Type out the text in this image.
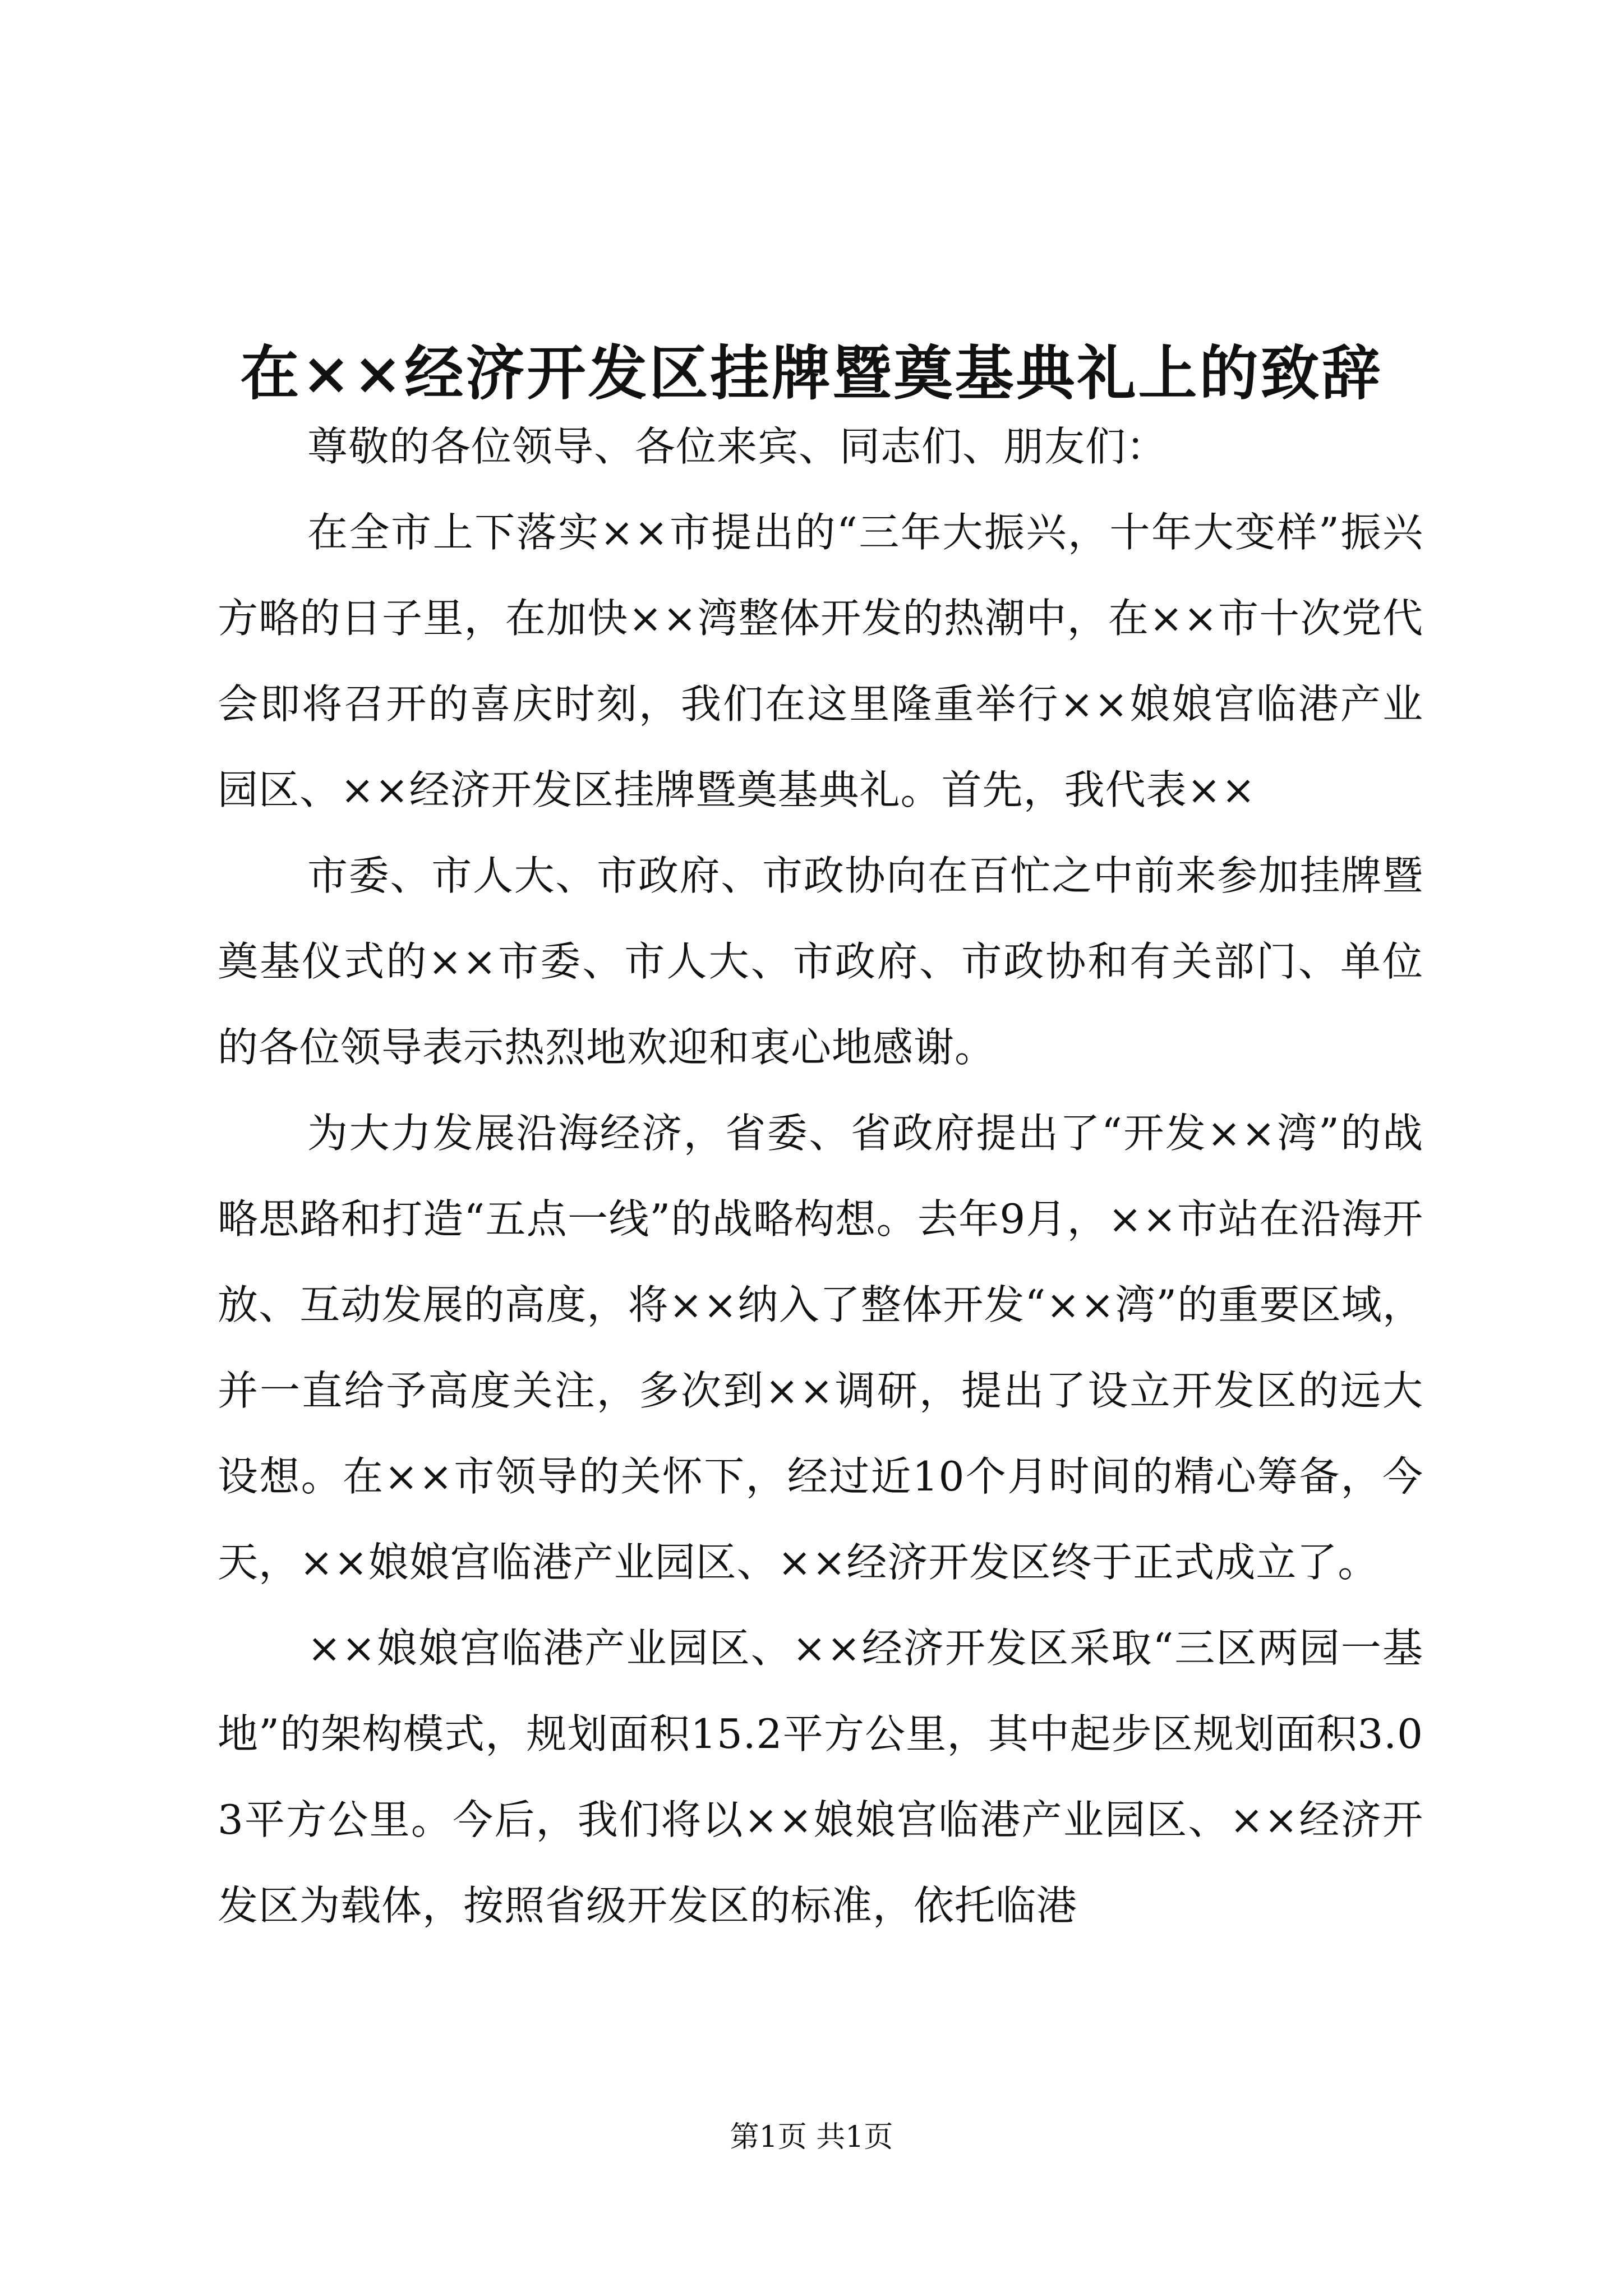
在××经济开发区挂牌暨奠基典礼上的致辞

尊敬的各位领导、各位来宾、同志们、朋友们：

在全市上下落实××市提出的“三年大振兴，十年大变样”振兴方略的日子里，在加快××湾整体开发的热潮中，在××市十次党代会即将召开的喜庆时刻，我们在这里隆重举行××娘娘宫临港产业园区、××经济开发区挂牌暨奠基典礼。首先，我代表××

市委、市人大、市政府、市政协向在百忙之中前来参加挂牌暨奠基仪式的××市委、市人大、市政府、市政协和有关部门、单位的各位领导表示热烈地欢迎和衷心地感谢。

为大力发展沿海经济，省委、省政府提出了“开发××湾”的战略思路和打造“五点一线”的战略构想。去年9月，××市站在沿海开放、互动发展的高度，将××纳入了整体开发“××湾”的重要区域，并一直给予高度关注，多次到××调研，提出了设立开发区的远大设想。在××市领导的关怀下，经过近10个月时间的精心筹备，今天，××娘娘宫临港产业园区、××经济开发区终于正式成立了。

××娘娘宫临港产业园区、××经济开发区采取“三区两园一基地”的架构模式，规划面积15.2平方公里，其中起步区规划面积3.03平方公里。今后，我们将以××娘娘宫临港产业园区、××经济开发区为载体，按照省级开发区的标准，依托临港

第1页 共1页
